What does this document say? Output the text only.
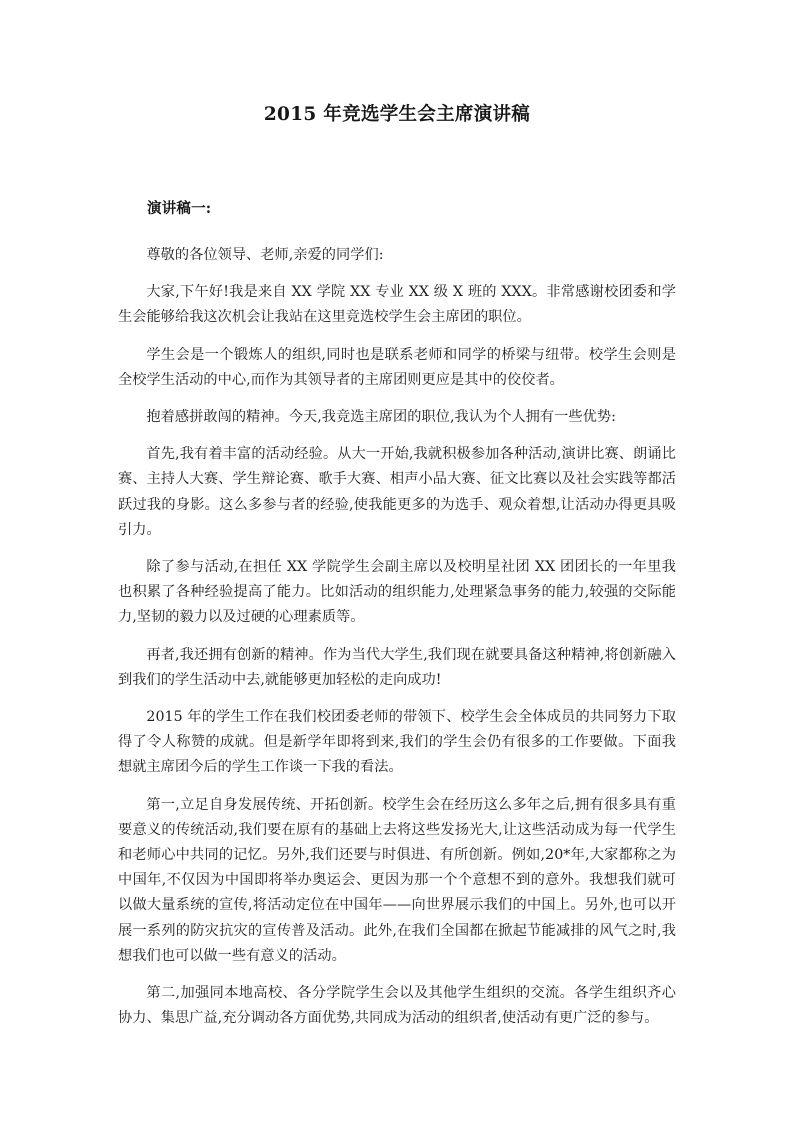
2015 年竞选学生会主席演讲稿
演讲稿一:

尊敬的各位领导、老师,亲爱的同学们:

大家,下午好!我是来自 XX 学院 XX 专业 XX 级 X 班的 XXX。非常感谢校团委和学生会能够给我这次机会让我站在这里竞选校学生会主席团的职位。

学生会是一个锻炼人的组织,同时也是联系老师和同学的桥梁与纽带。校学生会则是全校学生活动的中心,而作为其领导者的主席团则更应是其中的佼佼者。

抱着感拼敢闯的精神。今天,我竞选主席团的职位,我认为个人拥有一些优势:

首先,我有着丰富的活动经验。从大一开始,我就积极参加各种活动,演讲比赛、朗诵比赛、主持人大赛、学生辩论赛、歌手大赛、相声小品大赛、征文比赛以及社会实践等都活跃过我的身影。这么多参与者的经验,使我能更多的为选手、观众着想,让活动办得更具吸引力。

除了参与活动,在担任 XX 学院学生会副主席以及校明星社团 XX 团团长的一年里我也积累了各种经验提高了能力。比如活动的组织能力,处理紧急事务的能力,较强的交际能力,坚韧的毅力以及过硬的心理素质等。

再者,我还拥有创新的精神。作为当代大学生,我们现在就要具备这种精神,将创新融入到我们的学生活动中去,就能够更加轻松的走向成功!

2015 年的学生工作在我们校团委老师的带领下、校学生会全体成员的共同努力下取得了令人称赞的成就。但是新学年即将到来,我们的学生会仍有很多的工作要做。下面我想就主席团今后的学生工作谈一下我的看法。

第一,立足自身发展传统、开拓创新。校学生会在经历这么多年之后,拥有很多具有重要意义的传统活动,我们要在原有的基础上去将这些发扬光大,让这些活动成为每一代学生和老师心中共同的记忆。另外,我们还要与时俱进、有所创新。例如,20*年,大家都称之为中国年,不仅因为中国即将举办奥运会、更因为那一个个意想不到的意外。我想我们就可以做大量系统的宣传,将活动定位在中国年——向世界展示我们的中国上。另外,也可以开展一系列的防灾抗灾的宣传普及活动。此外,在我们全国都在掀起节能减排的风气之时,我想我们也可以做一些有意义的活动。

第二,加强同本地高校、各分学院学生会以及其他学生组织的交流。各学生组织齐心协力、集思广益,充分调动各方面优势,共同成为活动的组织者,使活动有更广泛的参与。
